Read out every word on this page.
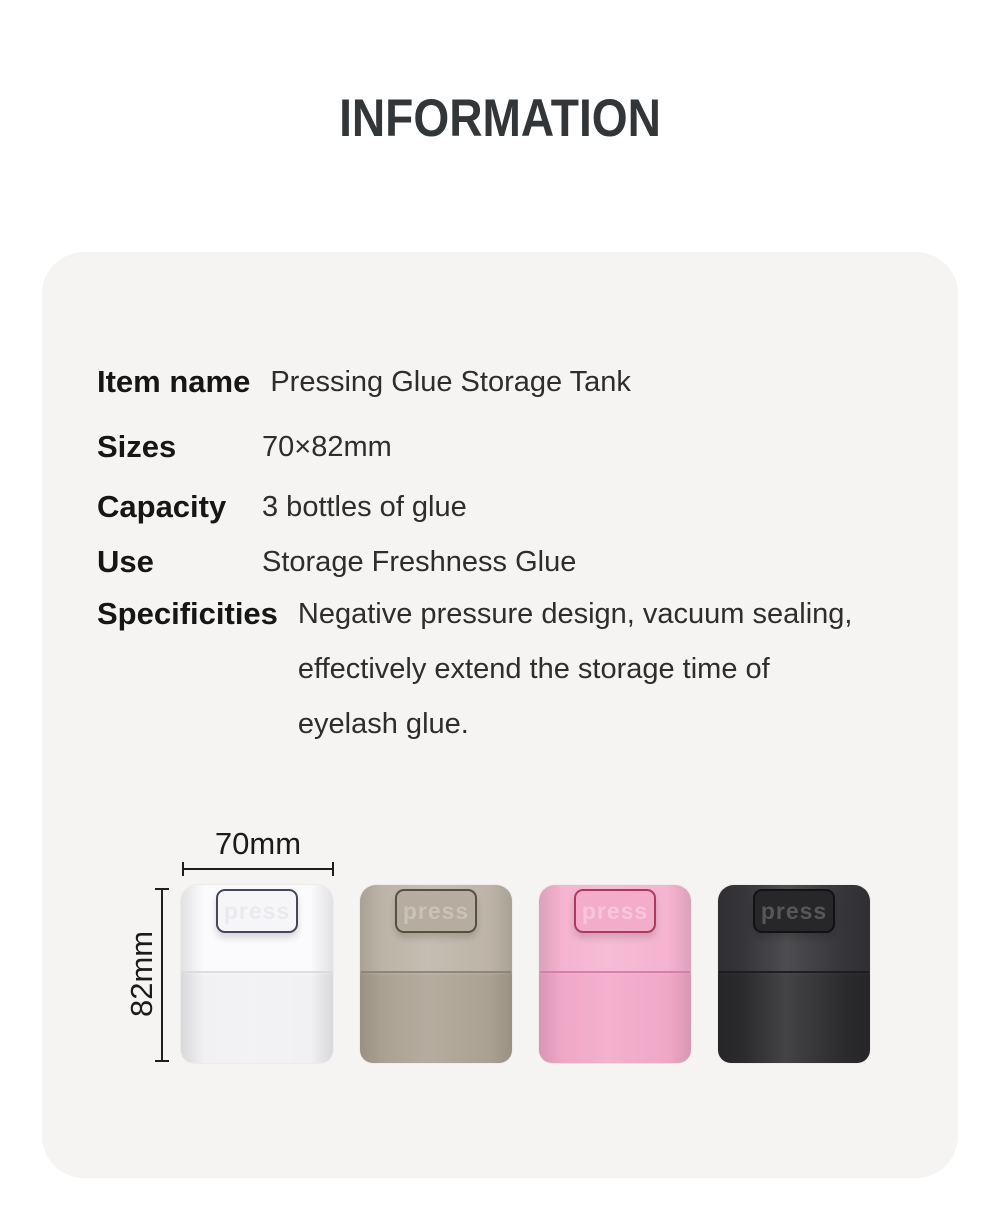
INFORMATION
Item name Pressing Glue Storage Tank
Sizes	70×82mm
Capacity	3 bottles of glue
Use	Storage Freshness Glue
Specificities Negative pressure design, vacuum sealing,
effectively extend the storage time of
eyelash glue.
70mm
82mm
press	press	press	press
